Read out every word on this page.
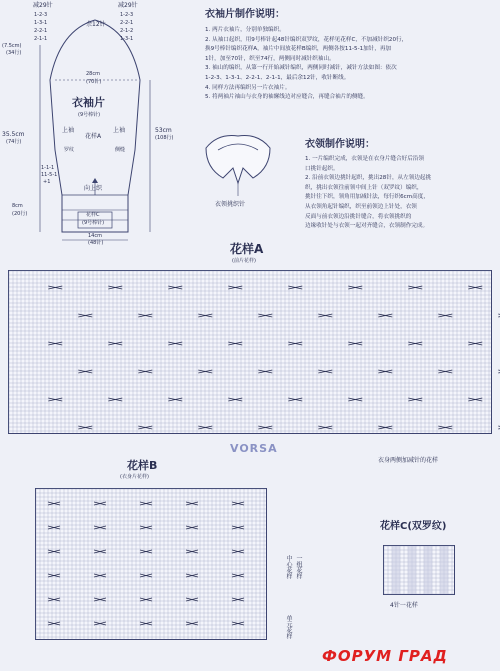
减29针	减29针
1-2-3
1-3-1
2-2-1
2-1-1
1-2-3
2-2-1
2-1-2
1-3-1
余12针
(7.5cm)
(34行)
28cm
(70针)
衣袖片
(9号棒针)
上袖	上袖
花样A
罗纹	侧缝
35.5cm
(74行)
53cm
(108行)
1-1-1
11-5-1
+1
向上织
8cm
(20行)	花样C
(9号棒针)
14cm
(48针)
衣袖片制作说明：
1. 两片衣袖片，分别单独编织。
2. 从袖口起织，用9号棒针起48针编织双罗纹，花样见花样C，不加减针织20行，
换9号棒针编织花样A，袖片中间放花样B编织，两侧各按11-5-1加针，再加
1针，加至70针，织至74行，两侧同时减针织袖山。
3. 袖山的编织，从第一行开始减针编织，两侧同时减针，减针方法如图：依次
1-2-3、1-3-1、2-2-1、2-1-1，最后余12针，收针断线。
4. 同样方法再编织另一片衣袖片。
5. 将两袖片袖山与衣身的袖窿线边对应缝合，再缝合袖片的侧缝。
衣领挑织针
衣领制作说明：
1. 一片编织完成，衣领是在衣身片缝合好后沿领
口挑针起织。
2. 沿前衣领边挑针起织，挑出28针，从左领边起挑
织，挑出衣领往前领中间上针（双罗纹）编织，
挑针往下织，领角用加减针法，每行织6cm高度，
从衣领角起针编织，织至前领边上针处，衣领
反面与前衣领边沿挑针缝合，将衣领挑织的
边缘收针处与衣领一起对齐缝合，衣领制作完成。
花样A
(前片花样)
衣身两侧加减针的花样
VORSA
花样B
(衣身片花样)
一组花样
中心花样
单元花样
花样C(双罗纹)
4针一花样
ФОРУМ ГРАД
